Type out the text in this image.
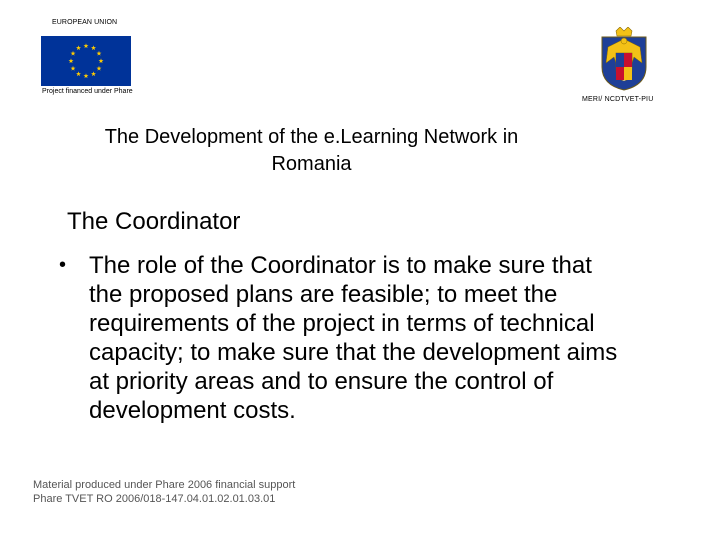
EUROPEAN UNION
Project financed under Phare
MERI/ NCDTVET-PIU
The Development of the e.Learning Network in
Romania
The Coordinator
• The role of the Coordinator is to make sure that
the proposed plans are feasible; to meet the
requirements of the project in terms of technical
capacity; to make sure that the development aims
at priority areas and to ensure the control of
development costs.
Material produced under Phare 2006 financial support
Phare TVET RO 2006/018-147.04.01.02.01.03.01
